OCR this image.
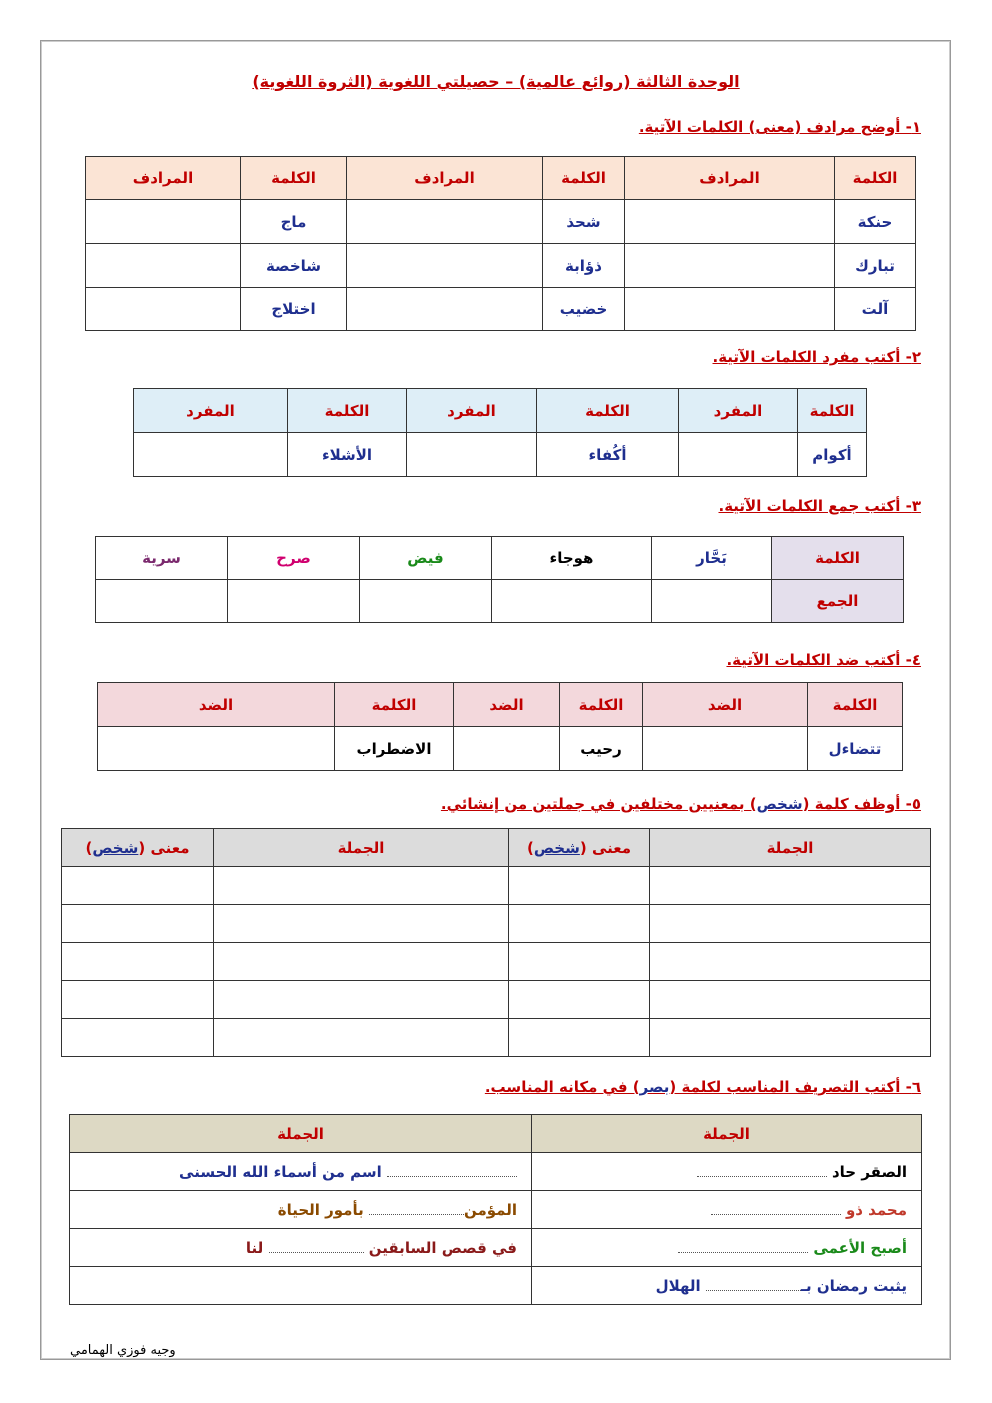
الوحدة الثالثة (روائع عالمية) – حصيلتي اللغوية (الثروة اللغوية)
١- أوضح مرادف (معنى) الكلمات الآتية.
الكلمة	المرادف	الكلمة	المرادف	الكلمة	المرادف
حنكة		شحذ		ماج	
تبارك		ذؤابة		شاخصة	
آلت		خضيب		اختلاج	
٢- أكتب مفرد الكلمات الآتية.
الكلمة	المفرد	الكلمة	المفرد	الكلمة	المفرد
أكوام		أكُفاء		الأشلاء	
٣- أكتب جمع الكلمات الآتية.
الكلمة	بَحَّار	هوجاء	فيض	صرح	سرية
الجمع					
٤- أكتب ضد الكلمات الآتية.
الكلمة	الضد	الكلمة	الضد	الكلمة	الضد
تتضاءل		رحيب		الاضطراب	
٥- أوظف كلمة (شخص) بمعنيين مختلفين في جملتين من إنشائي.
الجملة	معنى (شخص)	الجملة	معنى (شخص)

٦- أكتب التصريف المناسب لكلمة (بصر) في مكانه المناسب.
الجملة	الجملة
الصقر حاد	اسم من أسماء الله الحسنى
محمد ذو	المؤمن بأمور الحياة
أصبح الأعمى	في قصص السابقين  لنا
يثبت رمضان بـ الهلال	
وجيه فوزي الهمامي
